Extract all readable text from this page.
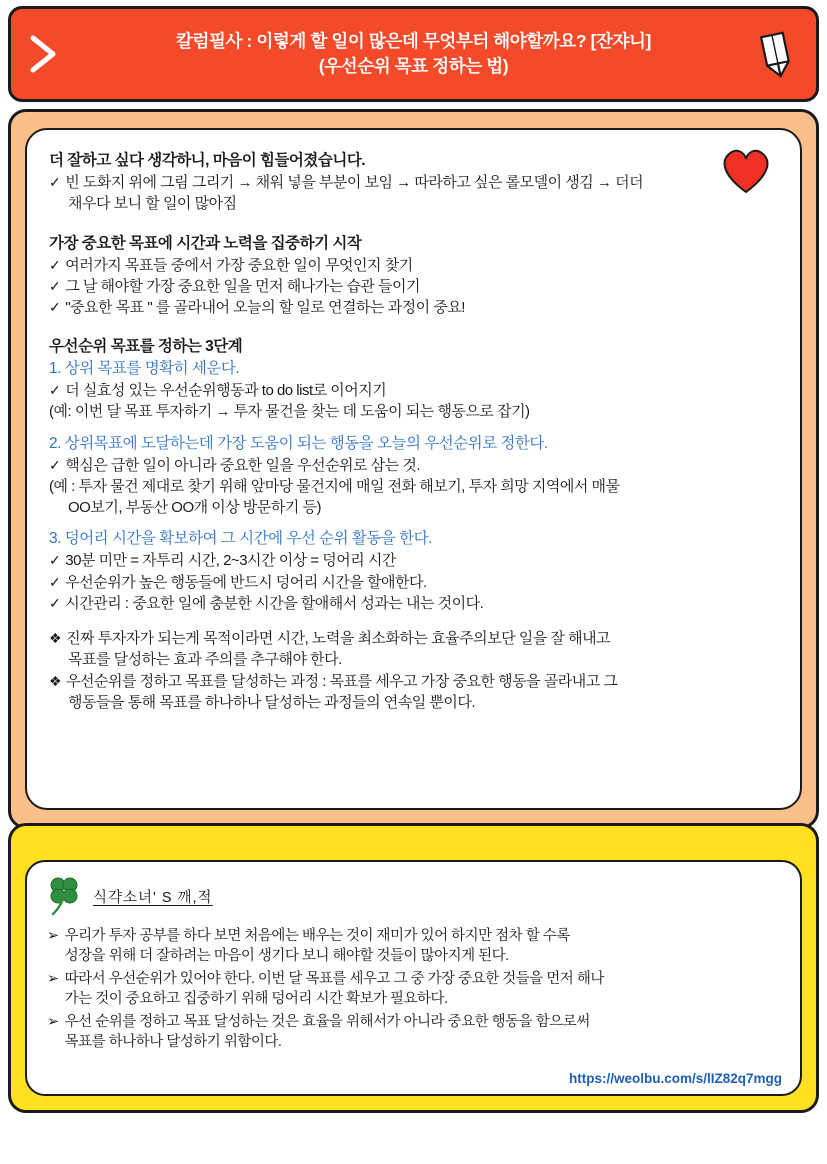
칼럼필사 : 이렇게 할 일이 많은데 무엇부터 해야할까요? [잔쟈니]
(우선순위 목표 정하는 법)
더 잘하고 싶다 생각하니, 마음이 힘들어졌습니다.
✓ 빈 도화지 위에 그림 그리기 → 채워 넣을 부분이 보임 → 따라하고 싶은 롤모델이 생김 → 더더
채우다 보니 할 일이 많아짐
가장 중요한 목표에 시간과 노력을 집중하기 시작
✓ 여러가지 목표들 중에서 가장 중요한 일이 무엇인지 찾기
✓ 그 날 해야할 가장 중요한 일을 먼저 해나가는 습관 들이기
✓ "중요한 목표 " 를 골라내어 오늘의 할 일로 연결하는 과정이 중요!
우선순위 목표를 정하는 3단계
1. 상위 목표를 명확히 세운다.
✓ 더 실효성 있는 우선순위행동과 to do list로 이어지기
(예: 이번 달 목표 투자하기 → 투자 물건을 찾는 데 도움이 되는 행동으로 잡기)
2. 상위목표에 도달하는데 가장 도움이 되는 행동을 오늘의 우선순위로 정한다.
✓ 핵심은 급한 일이 아니라 중요한 일을 우선순위로 삼는 것.
(예 : 투자 물건 제대로 찾기 위해 앞마당 물건지에 매일 전화 해보기, 투자 희망 지역에서 매물
OO보기, 부동산 OO개 이상 방문하기 등)
3. 덩어리 시간을 확보하여 그 시간에 우선 순위 활동을 한다.
✓ 30분 미만 = 자투리 시간, 2~3시간 이상 = 덩어리 시간
✓ 우선순위가 높은 행동들에 반드시 덩어리 시간을 할애한다.
✓ 시간관리 : 중요한 일에 충분한 시간을 할애해서 성과는 내는 것이다.
❖ 진짜 투자자가 되는게 목적이라면 시간, 노력을 최소화하는 효율주의보단 일을 잘 해내고
목표를 달성하는 효과 주의를 추구해야 한다.
❖ 우선순위를 정하고 목표를 달성하는 과정 : 목표를 세우고 가장 중요한 행동을 골라내고 그
행동들을 통해 목표를 하나하나 달성하는 과정들의 연속일 뿐이다.
식갹소녀' S 깨,적
➢ 우리가 투자 공부를 하다 보면 처음에는 배우는 것이 재미가 있어 하지만 점차 할 수록
성장을 위해 더 잘하려는 마음이 생기다 보니 해야할 것들이 많아지게 된다.
➢ 따라서 우선순위가 있어야 한다. 이번 달 목표를 세우고 그 중 가장 중요한 것들을 먼저 해나
가는 것이 중요하고 집중하기 위해 덩어리 시간 확보가 필요하다.
➢ 우선 순위를 정하고 목표 달성하는 것은 효율을 위해서가 아니라 중요한 행동을 함으로써
목표를 하나하나 달성하기 위함이다.
https://weolbu.com/s/lIZ82q7mgg
